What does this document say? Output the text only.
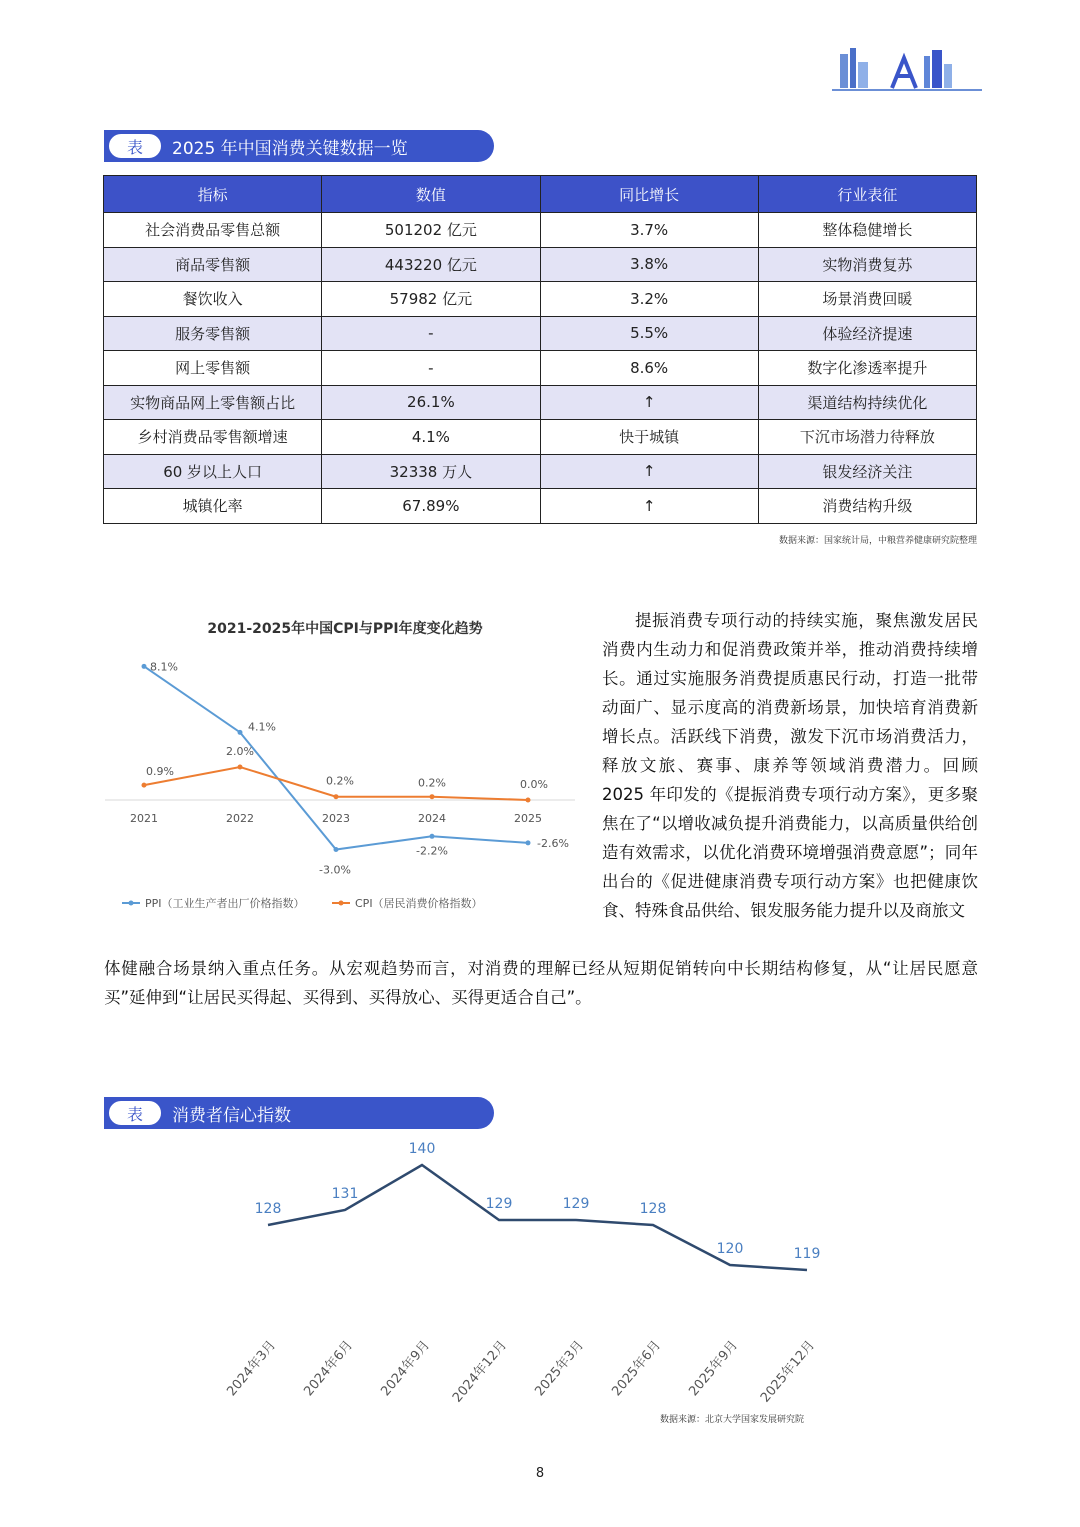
表	2025 年中国消费关键数据一览
指标	数值	同比增长	行业表征
社会消费品零售总额	501202 亿元	3.7%	整体稳健增长
商品零售额	443220 亿元	3.8%	实物消费复苏
餐饮收入	57982 亿元	3.2%	场景消费回暖
服务零售额	-	5.5%	体验经济提速
网上零售额	-	8.6%	数字化渗透率提升
实物商品网上零售额占比	26.1%	↑	渠道结构持续优化
乡村消费品零售额增速	4.1%	快于城镇	下沉市场潜力待释放
60 岁以上人口	32338 万人	↑	银发经济关注
城镇化率	67.89%	↑	消费结构升级
数据来源：国家统计局，中粮营养健康研究院整理
2021-2025年中国CPI与PPI年度变化趋势
2021	2022	2023	2024	2025
8.1%
4.1%
-3.0%
-2.2%
-2.6%
0.9%
2.0%
0.2%	0.2%	0.0%
PPI（工业生产者出厂价格指数）	CPI（居民消费价格指数）
提振消费专项行动的持续实施，聚焦激发居民消费内生动力和促消费政策并举，推动消费持续增长。通过实施服务消费提质惠民行动，打造一批带动面广、显示度高的消费新场景，加快培育消费新增长点。活跃线下消费，激发下沉市场消费活力，释放文旅、赛事、康养等领域消费潜力。回顾 2025 年印发的《提振消费专项行动方案》，更多聚焦在了“以增收减负提升消费能力，以高质量供给创造有效需求，以优化消费环境增强消费意愿”；同年出台的《促进健康消费专项行动方案》也把健康饮食、特殊食品供给、银发服务能力提升以及商旅文
体健融合场景纳入重点任务。从宏观趋势而言，对消费的理解已经从短期促销转向中长期结构修复，从“让居民愿意买”延伸到“让居民买得起、买得到、买得放心、买得更适合自己”。
表	消费者信心指数
128
131
140
129	129	128
120	119
2024年3月 2024年6月 2024年9月 2024年12月 2025年3月 2025年6月 2025年9月 2025年12月
数据来源：北京大学国家发展研究院
8
